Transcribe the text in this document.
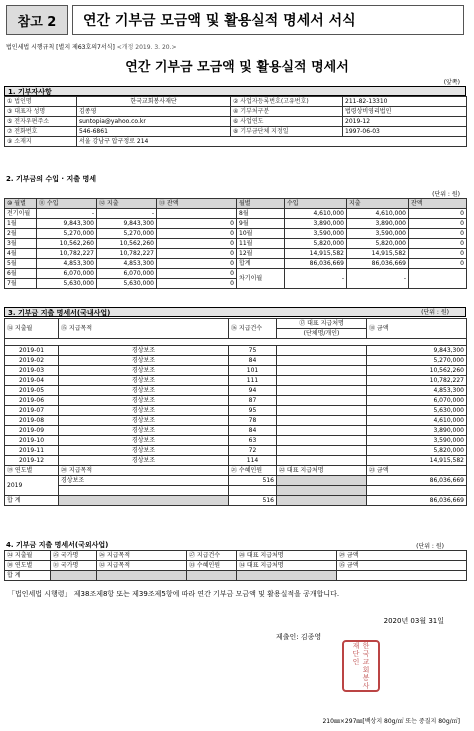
참고 2	연간 기부금 모금액 및 활용실적 명세서 서식
법인세법 시행규칙 [별지 제63호의7서식] <개정 2019. 3. 20.>
연간 기부금 모금액 및 활용실적 명세서
(앞쪽)
1. 기부자사항
① 법인명	한국교회봉사재단	② 사업자등록번호(고유번호)	211-82-13310
③ 대표자 성명	김종영	④ 기부처구분	법령상비영리법인
⑤ 전자우편주소	suntopia@yahoo.co.kr	⑥ 사업연도	2019-12
⑦ 전화번호	546-6861	⑧ 기부금단체 지정일	1997-06-03
⑨ 소재지	서울 강남구 압구정로 214		
2. 기부금의 수입 · 지출 명세
(단위 : 원)
⑩ 월별	⑪ 수입	⑫ 지출	⑬ 잔액	월별	수입	지출	잔액
전기이월	-	-		8월	4,610,000	4,610,000	0
1월	9,843,300	9,843,300	0	9월	3,890,000	3,890,000	0
2월	5,270,000	5,270,000	0	10월	3,590,000	3,590,000	0
3월	10,562,260	10,562,260	0	11월	5,820,000	5,820,000	0
4월	10,782,227	10,782,227	0	12월	14,915,582	14,915,582	0
5월	4,853,300	4,853,300	0	합계	86,036,669	86,036,669	0
6월	6,070,000	6,070,000	0	차기이월	-	-	
7월	5,630,000	5,630,000	0				
3. 기부금 지출 명세서(국내사업)	(단위 : 원)
⑭ 지출월	⑮ 지급목적	⑯ 지급건수	⑰ 대표 지급처명	⑱ 금액
			(단체명/개인)	

2019-01	경상보조	75		9,843,300
2019-02	경상보조	84		5,270,000
2019-03	경상보조	101		10,562,260
2019-04	경상보조	111		10,782,227
2019-05	경상보조	94		4,853,300
2019-06	경상보조	87		6,070,000
2019-07	경상보조	95		5,630,000
2019-08	경상보조	78		4,610,000
2019-09	경상보조	84		3,890,000
2019-10	경상보조	63		3,590,000
2019-11	경상보조	72		5,820,000
2019-12	경상보조	114		14,915,582
⑲ 연도별	⑳ 지급목적	㉑ 수혜인원	㉒ 대표 지급처명	㉓ 금액
2019	경상보조	516		86,036,669

합 계		516		86,036,669
4. 기부금 지출 명세서(국외사업)	(단위 : 원)
㉔ 지출월	㉕ 국가명	㉖ 지급목적	㉗ 지급건수	㉘ 대표 지급처명	㉙ 금액
㉚ 연도별	㉛ 국가명	㉜ 지급목적	㉝ 수혜인원	㉞ 대표 지급처명	㉟ 금액
합 계					
「법인세법 시행령」 제38조제8항 또는 제39조제5항에 따라 연간 기부금 모금액 및 활용실적을 공개합니다.
2020년 03월 31일
제출인: 김종영
한국교회봉사재단인
210㎜×297㎜[백상지 80g/㎡ 또는 중질지 80g/㎡]
